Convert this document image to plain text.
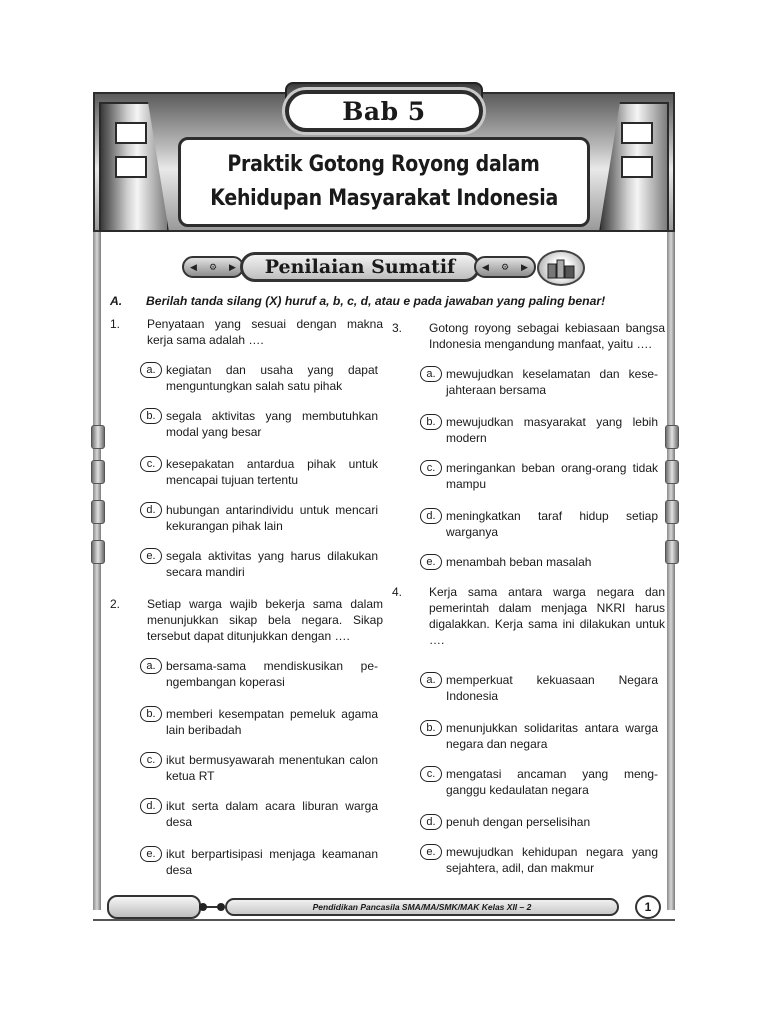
Bab 5
Praktik Gotong Royong dalam
Kehidupan Masyarakat Indonesia
◀ ⚙ ▶ Penilaian Sumatif	◀ ⚙ ▶
A. Berilah tanda silang (X) huruf a, b, c, d, atau e pada jawaban yang paling benar!
1.	Penyataan yang sesuai dengan makna kerja sama adalah ….
a. kegiatan dan usaha yang dapat menguntungkan salah satu pihak
b. segala aktivitas yang membutuhkan modal yang besar
c. kesepakatan antardua pihak untuk mencapai tujuan tertentu
d. hubungan antarindividu untuk mencari kekurangan pihak lain
e. segala aktivitas yang harus dilakukan secara mandiri
2.	Setiap warga wajib bekerja sama dalam menunjukkan sikap bela negara. Sikap tersebut dapat ditunjukkan dengan ….
a. bersama-sama mendiskusikan pe-ngembangan koperasi
b. memberi kesempatan pemeluk agama lain beribadah
c. ikut bermusyawarah menentukan calon ketua RT
d. ikut serta dalam acara liburan warga desa
e. ikut berpartisipasi menjaga keamanan desa
3.	Gotong royong sebagai kebiasaan bangsa Indonesia mengandung manfaat, yaitu ….
a. mewujudkan keselamatan dan kese-jahteraan bersama
b. mewujudkan masyarakat yang lebih modern
c. meringankan beban orang-orang tidak mampu
d. meningkatkan taraf hidup setiap warganya
e. menambah beban masalah
4.	Kerja sama antara warga negara dan pemerintah dalam menjaga NKRI harus digalakkan. Kerja sama ini dilakukan untuk ….
a. memperkuat kekuasaan Negara Indonesia
b. menunjukkan solidaritas antara warga negara dan negara
c. mengatasi ancaman yang meng-ganggu kedaulatan negara
d. penuh dengan perselisihan
e. mewujudkan kehidupan negara yang sejahtera, adil, dan makmur
Pendidikan Pancasila SMA/MA/SMK/MAK Kelas XII – 2	1
